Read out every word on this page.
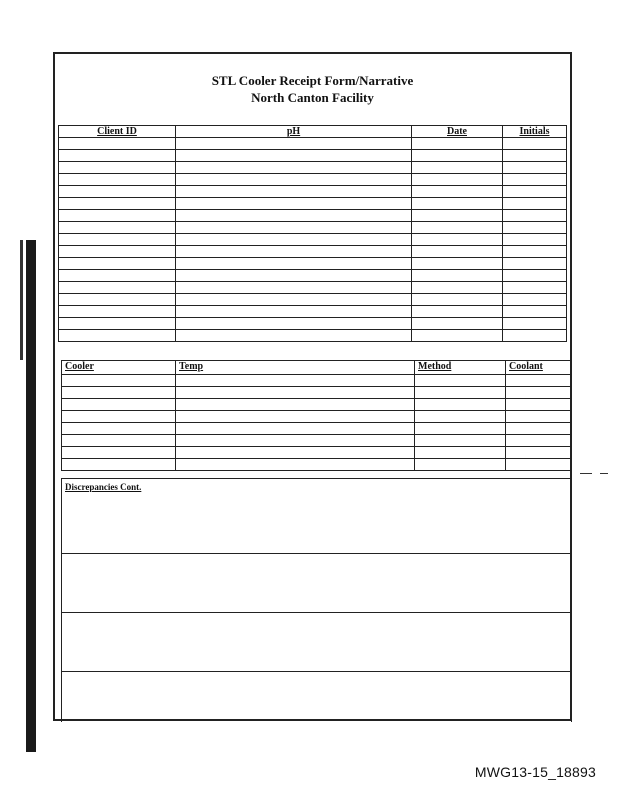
STL Cooler Receipt Form/Narrative
North Canton Facility
Client ID	pH	Date	Initials

Cooler	Temp	Method	Coolant

Discrepancies Cont.
MWG13-15_18893
